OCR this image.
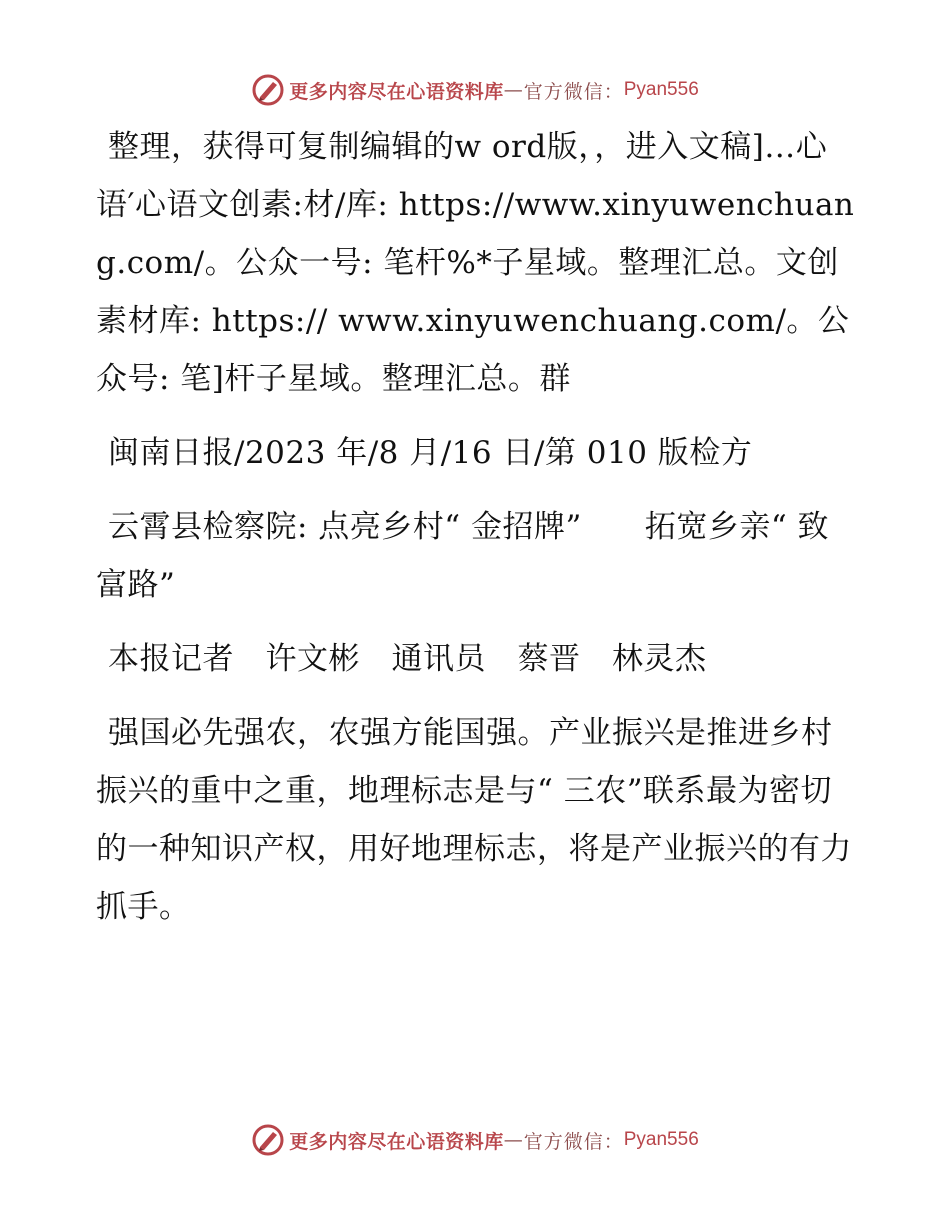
更多内容尽在心语资料库 — 官方微信： Pyan556

整理，获得可复制编辑的w ord版，，进入文稿]…心语′心语文创素:材/库: https://www.xinyuwenchuang.com/。公众一号: 笔杆%*子星域。整理汇总。文创素材库: https:// www.xinyuwenchuang.com/。公众号: 笔]杆子星域。整理汇总。群

闽南日报/2023 年/8 月/16 日/第 010 版检方

云霄县检察院: 点亮乡村“ 金招牌”　　拓宽乡亲“ 致富路”

本报记者　许文彬　通讯员　蔡晋　林灵杰

强国必先强农，农强方能国强。产业振兴是推进乡村振兴的重中之重，地理标志是与“ 三农”联系最为密切的一种知识产权，用好地理标志，将是产业振兴的有力抓手。

更多内容尽在心语资料库 — 官方微信： Pyan556
